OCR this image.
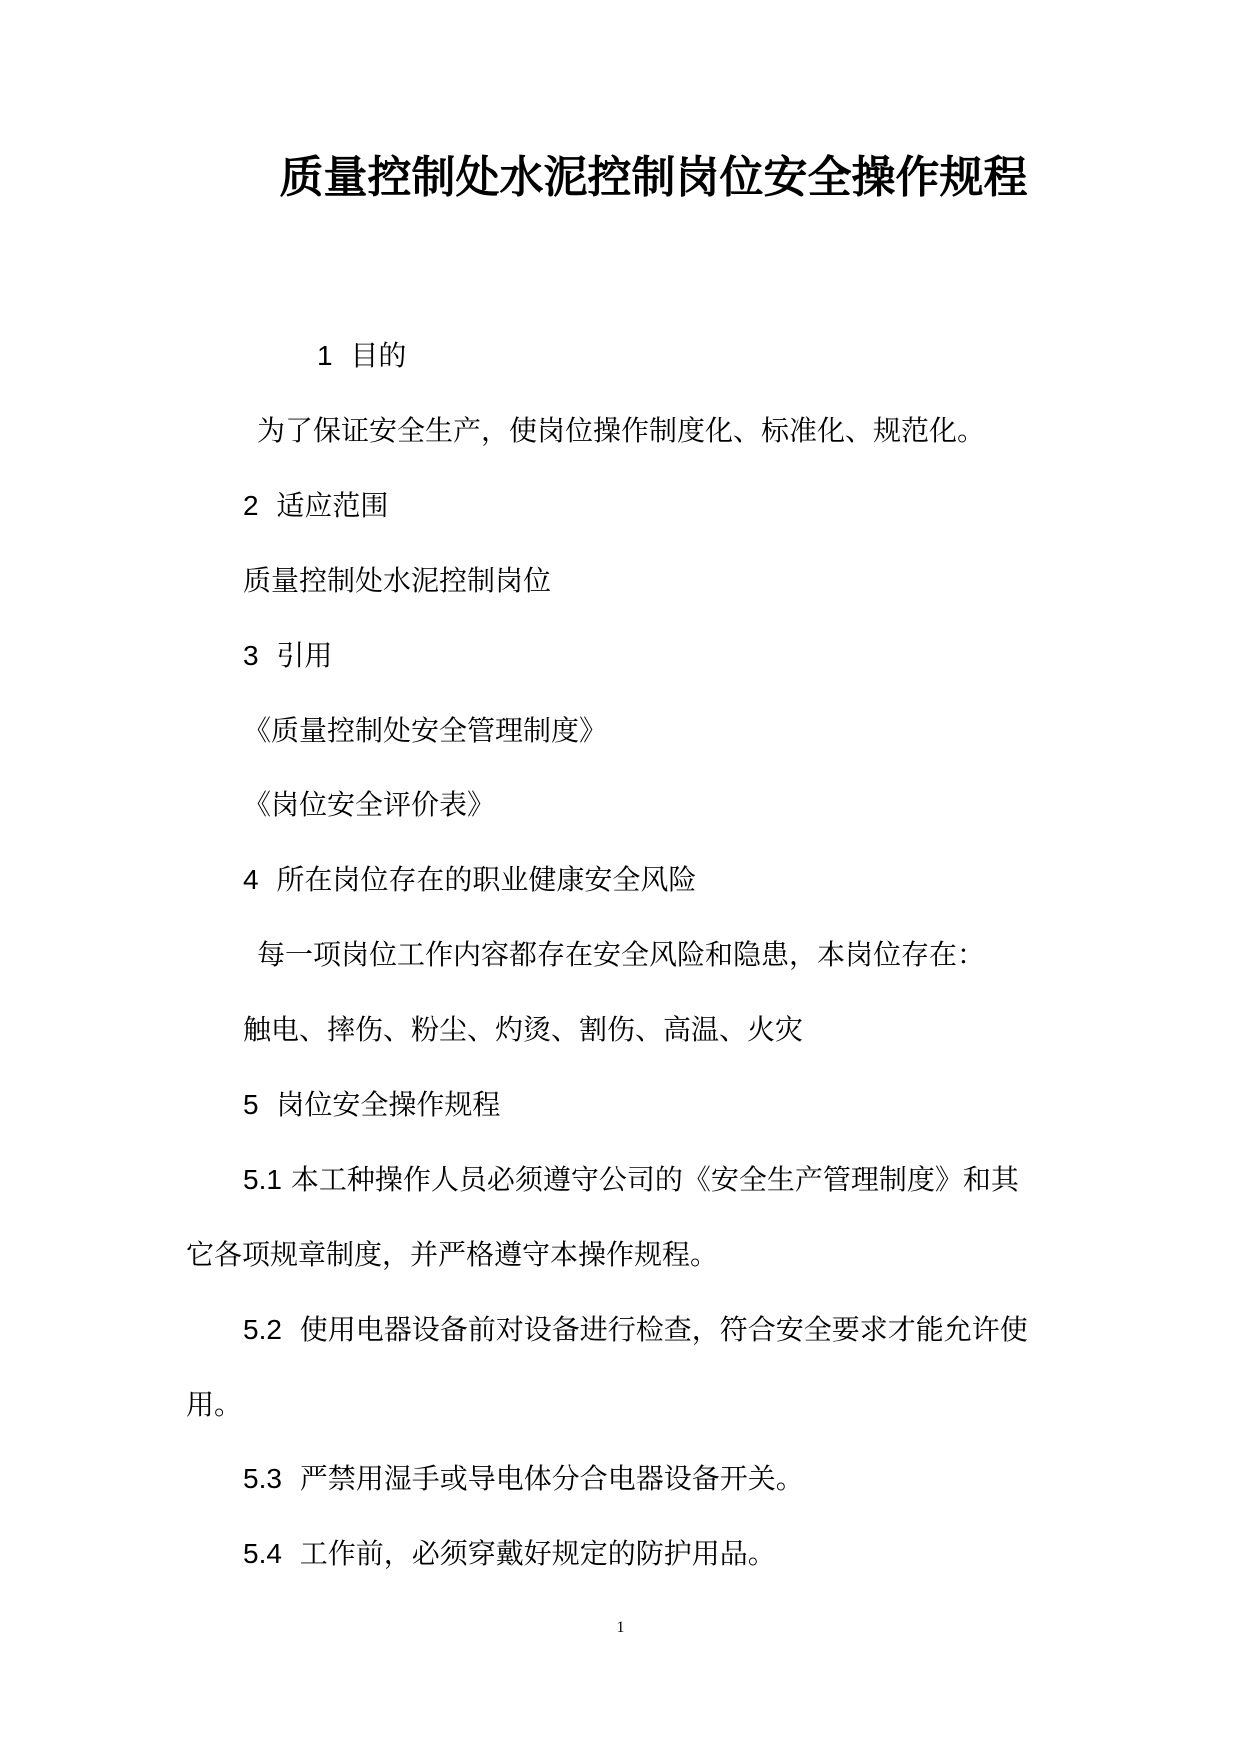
质量控制处水泥控制岗位安全操作规程
1 目的
为了保证安全生产，使岗位操作制度化、标准化、规范化。
2 适应范围
质量控制处水泥控制岗位
3 引用
《质量控制处安全管理制度》
《岗位安全评价表》
4 所在岗位存在的职业健康安全风险
每一项岗位工作内容都存在安全风险和隐患，本岗位存在：
触电、摔伤、粉尘、灼烫、割伤、高温、火灾
5 岗位安全操作规程
5.1 本工种操作人员必须遵守公司的《安全生产管理制度》和其
它各项规章制度，并严格遵守本操作规程。
5.2 使用电器设备前对设备进行检查，符合安全要求才能允许使
用。
5.3 严禁用湿手或导电体分合电器设备开关。
5.4 工作前，必须穿戴好规定的防护用品。
1
